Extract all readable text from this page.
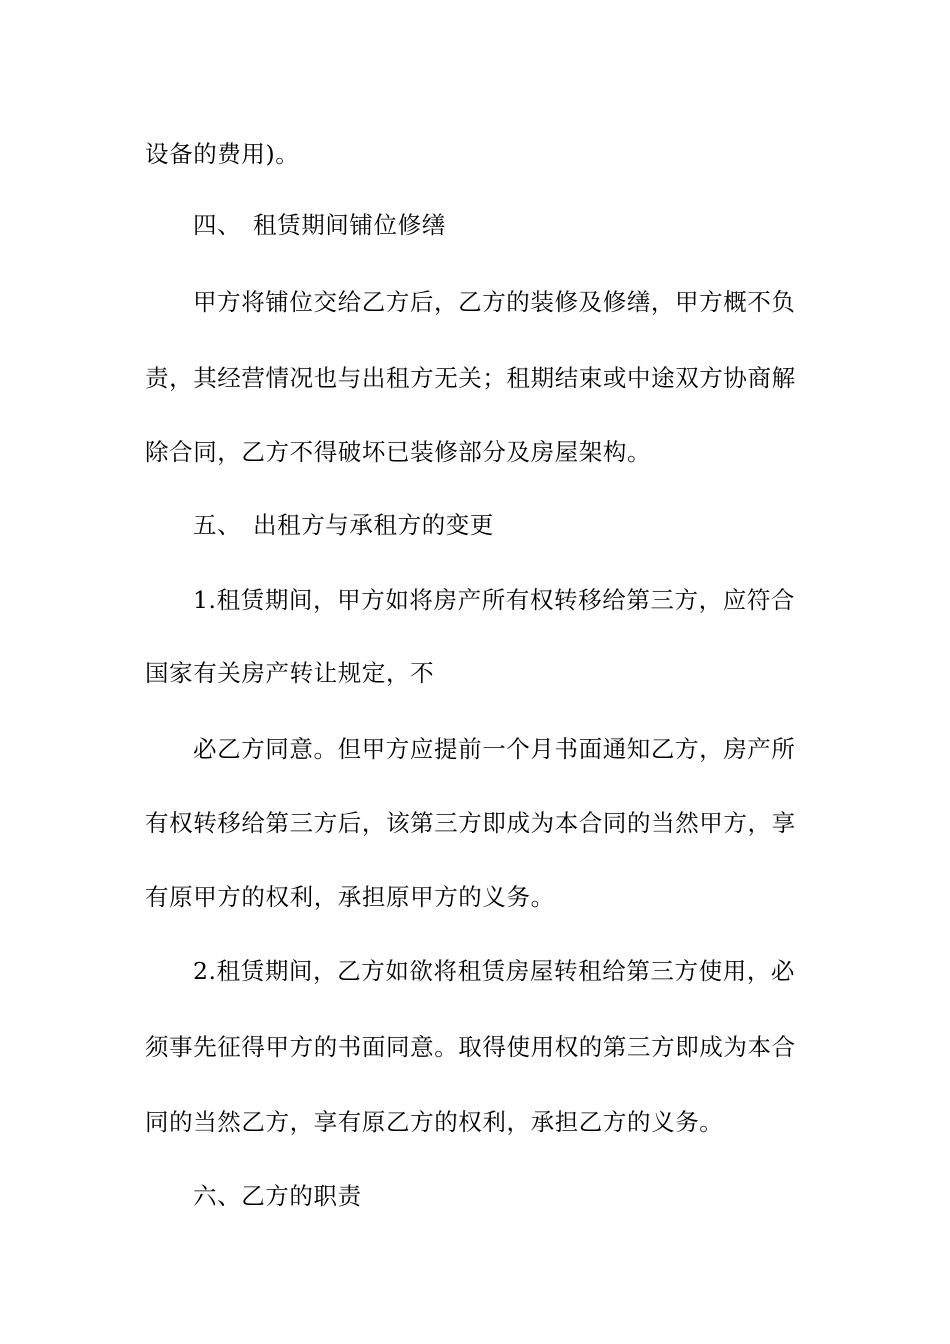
设备的费用)。
四、 租赁期间铺位修缮
甲方将铺位交给乙方后，乙方的装修及修缮，甲方概不负
责，其经营情况也与出租方无关；租期结束或中途双方协商解
除合同，乙方不得破坏已装修部分及房屋架构。
五、 出租方与承租方的变更
1.租赁期间，甲方如将房产所有权转移给第三方，应符合
国家有关房产转让规定，不
必乙方同意。但甲方应提前一个月书面通知乙方，房产所
有权转移给第三方后，该第三方即成为本合同的当然甲方，享
有原甲方的权利，承担原甲方的义务。
2.租赁期间，乙方如欲将租赁房屋转租给第三方使用，必
须事先征得甲方的书面同意。取得使用权的第三方即成为本合
同的当然乙方，享有原乙方的权利，承担乙方的义务。
六、乙方的职责
